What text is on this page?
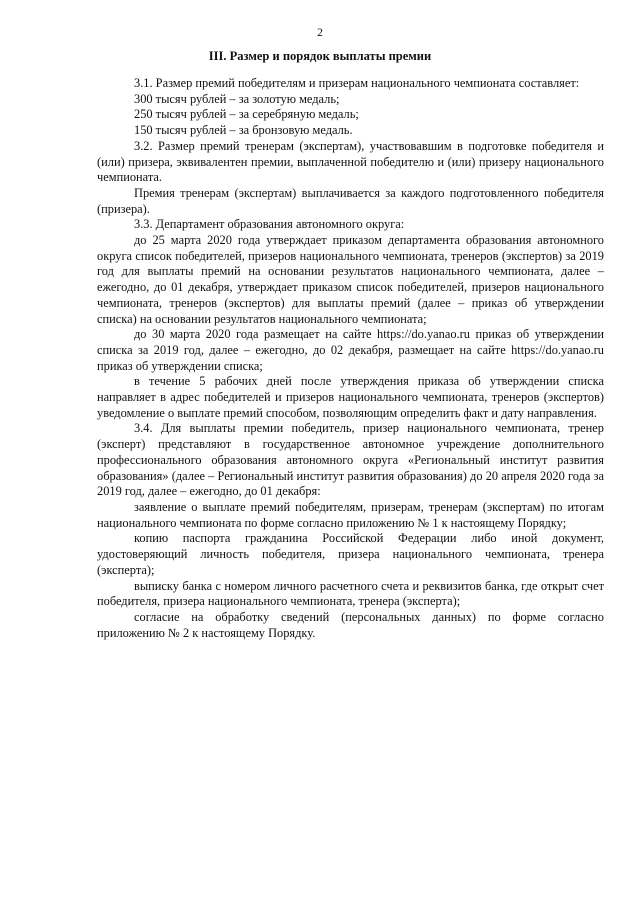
2
III. Размер и порядок выплаты премии

3.1. Размер премий победителям и призерам национального чемпионата составляет:

300 тысяч рублей – за золотую медаль;

250 тысяч рублей – за серебряную медаль;

150 тысяч рублей – за бронзовую медаль.

3.2. Размер премий тренерам (экспертам), участвовавшим в подготовке победителя и (или) призера, эквивалентен премии, выплаченной победителю и (или) призеру национального чемпионата.

Премия тренерам (экспертам) выплачивается за каждого подготовленного победителя (призера).

3.3. Департамент образования автономного округа:

до 25 марта 2020 года утверждает приказом департамента образования автономного округа список победителей, призеров национального чемпионата, тренеров (экспертов) за 2019 год для выплаты премий на основании результатов национального чемпионата, далее – ежегодно, до 01 декабря, утверждает приказом список победителей, призеров национального чемпионата, тренеров (экспертов) для выплаты премий (далее – приказ об утверждении списка) на основании результатов национального чемпионата;

до 30 марта 2020 года размещает на сайте https://do.yanao.ru приказ об утверждении списка за 2019 год, далее – ежегодно, до 02 декабря, размещает на сайте https://do.yanao.ru приказ об утверждении списка;

в течение 5 рабочих дней после утверждения приказа об утверждении списка направляет в адрес победителей и призеров национального чемпионата, тренеров (экспертов) уведомление о выплате премий способом, позволяющим определить факт и дату направления.

3.4. Для выплаты премии победитель, призер национального чемпионата, тренер (эксперт) представляют в государственное автономное учреждение дополнительного профессионального образования автономного округа «Региональный институт развития образования» (далее – Региональный институт развития образования) до 20 апреля 2020 года за 2019 год, далее – ежегодно, до 01 декабря:

заявление о выплате премий победителям, призерам, тренерам (экспертам) по итогам национального чемпионата по форме согласно приложению № 1 к настоящему Порядку;

копию паспорта гражданина Российской Федерации либо иной документ, удостоверяющий личность победителя, призера национального чемпионата, тренера (эксперта);

выписку банка с номером личного расчетного счета и реквизитов банка, где открыт счет победителя, призера национального чемпионата, тренера (эксперта);

согласие на обработку сведений (персональных данных) по форме согласно приложению № 2 к настоящему Порядку.
